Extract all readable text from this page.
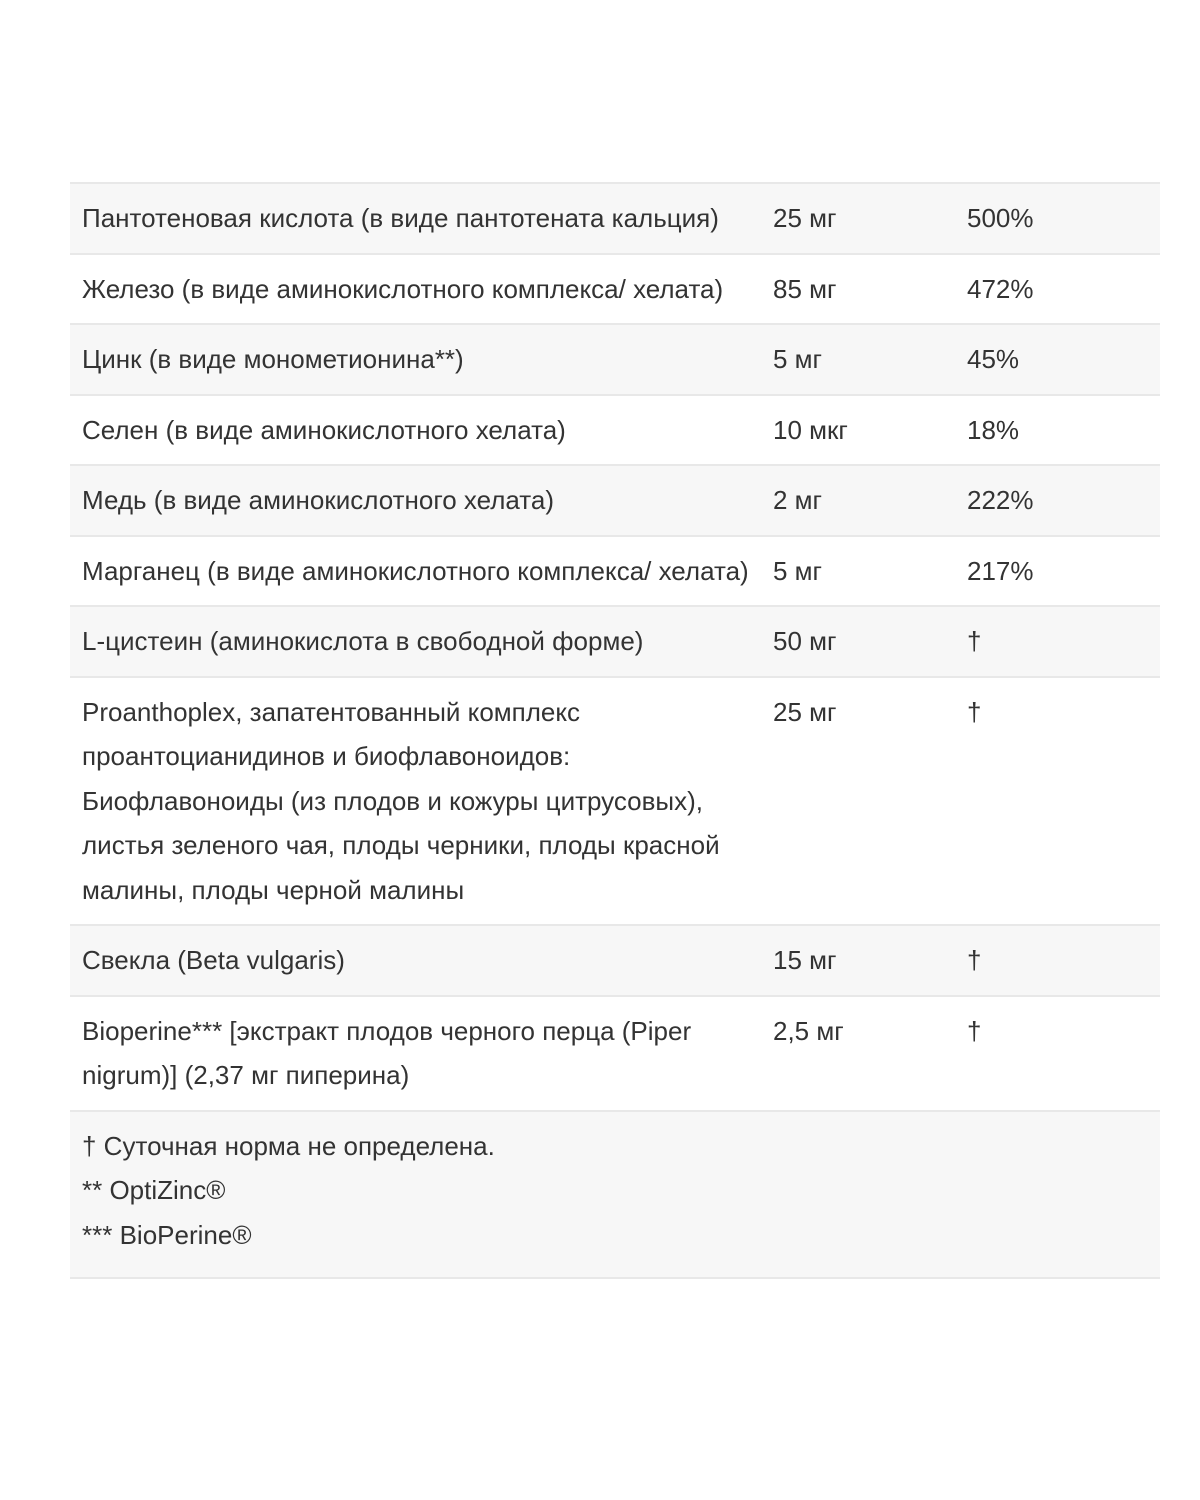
Пантотеновая кислота (в виде пантотената кальция)	25 мг	500%
Железо (в виде аминокислотного комплекса/ хелата)	85 мг	472%
Цинк (в виде монометионина**)	5 мг	45%
Селен (в виде аминокислотного хелата)	10 мкг	18%
Медь (в виде аминокислотного хелата)	2 мг	222%
Марганец (в виде аминокислотного комплекса/ хелата)	5 мг	217%
L-цистеин (аминокислота в свободной форме)	50 мг	†
Proanthoplex, запатентованный комплекс проантоцианидинов и биофлавоноидов: Биофлавоноиды (из плодов и кожуры цитрусовых), листья зеленого чая, плоды черники, плоды красной малины, плоды черной малины	25 мг	†
Свекла (Beta vulgaris)	15 мг	†
Bioperine*** [экстракт плодов черного перца (Piper nigrum)] (2,37 мг пиперина)	2,5 мг	†

† Суточная норма не определена.
** OptiZinc®
*** BioPerine®		
